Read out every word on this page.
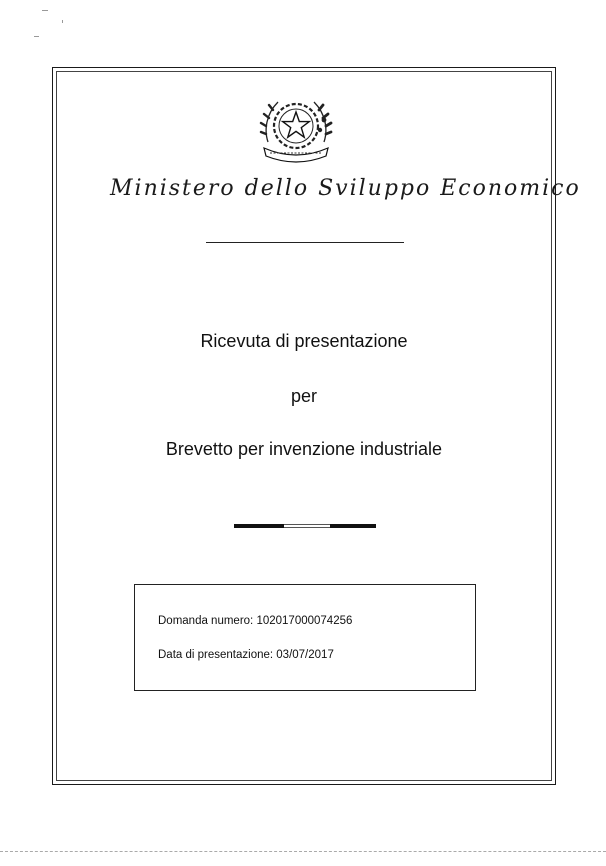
Ministero dello Sviluppo Economico
Ricevuta di presentazione
per
Brevetto per invenzione industriale
Domanda numero: 102017000074256
Data di presentazione: 03/07/2017
